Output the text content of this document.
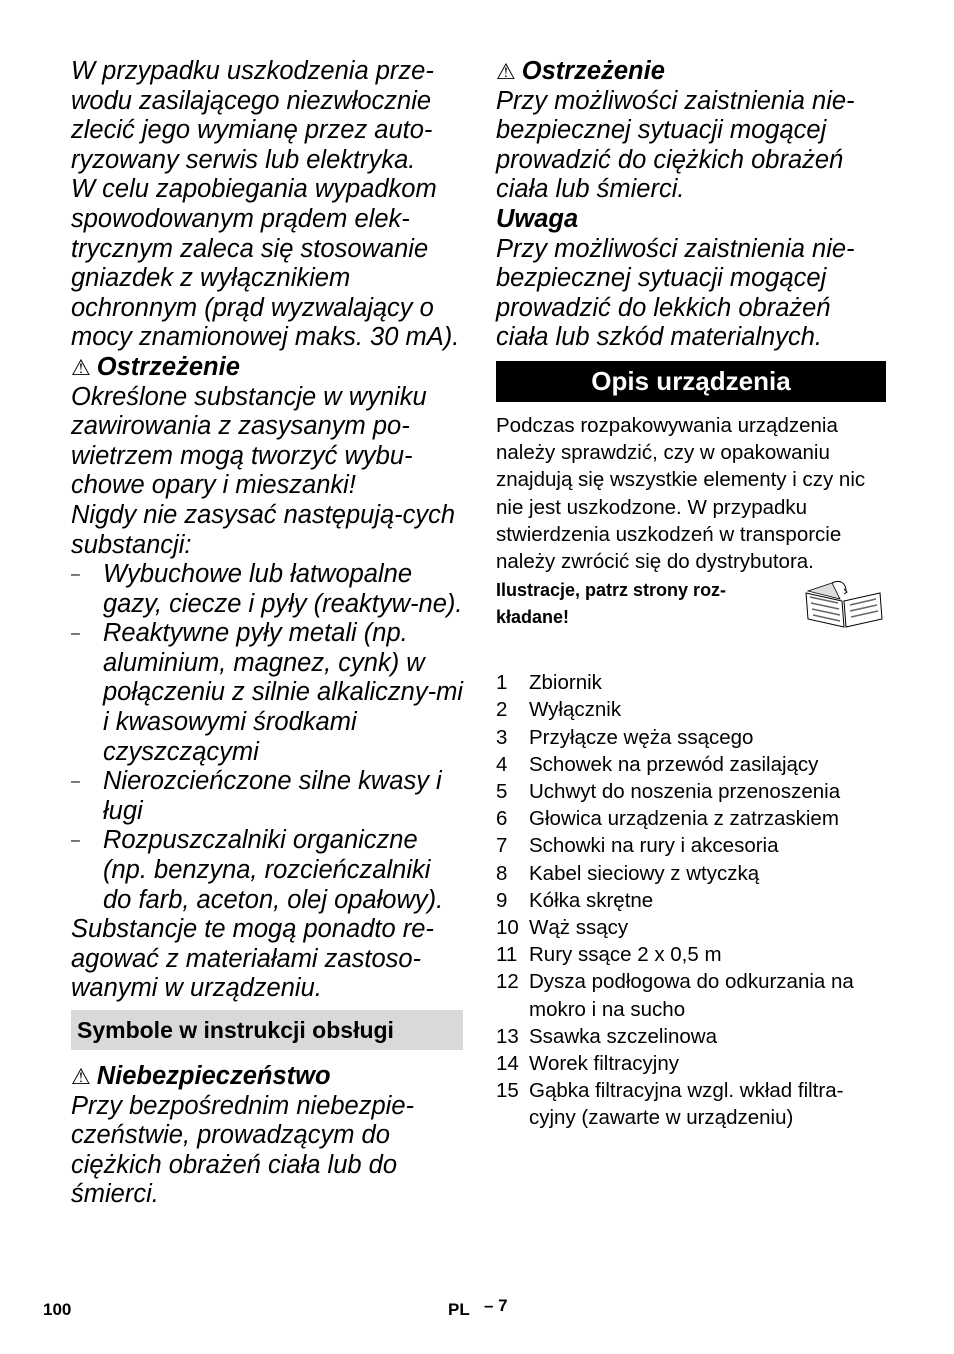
W przypadku uszkodzenia prze-wodu zasilającego niezwłocznie zlecić jego wymianę przez auto-ryzowany serwis lub elektryka.

W celu zapobiegania wypadkom spowodowanym prądem elek-trycznym zaleca się stosowanie gniazdek z wyłącznikiem ochronnym (prąd wyzwalający o mocy znamionowej maks. 30 mA).

⚠ Ostrzeżenie

Określone substancje w wyniku zawirowania z zasysanym po-wietrzem mogą tworzyć wybu-chowe opary i mieszanki!

Nigdy nie zasysać następują-cych substancji:

– Wybuchowe lub łatwopalne gazy, ciecze i pyły (reaktyw-ne).
– Reaktywne pyły metali (np. aluminium, magnez, cynk) w połączeniu z silnie alkaliczny-mi i kwasowymi środkami czyszczącymi
– Nierozcieńczone silne kwasy i ługi
– Rozpuszczalniki organiczne (np. benzyna, rozcieńczalniki do farb, aceton, olej opałowy).

Substancje te mogą ponadto re-agować z materiałami zastoso-wanymi w urządzeniu.

Symbole w instrukcji obsługi

⚠ Niebezpieczeństwo

Przy bezpośrednim niebezpie-czeństwie, prowadzącym do ciężkich obrażeń ciała lub do śmierci.

⚠ Ostrzeżenie

Przy możliwości zaistnienia nie-bezpiecznej sytuacji mogącej prowadzić do ciężkich obrażeń ciała lub śmierci.

Uwaga

Przy możliwości zaistnienia nie-bezpiecznej sytuacji mogącej prowadzić do lekkich obrażeń ciała lub szkód materialnych.

Opis urządzenia

Podczas rozpakowywania urządzenia należy sprawdzić, czy w opakowaniu znajdują się wszystkie elementy i czy nic nie jest uszkodzone. W przypadku stwierdzenia uszkodzeń w transporcie należy zwrócić się do dystrybutora.

Ilustracje, patrz strony roz-kładane!
1 Zbiornik
2 Wyłącznik
3 Przyłącze węża ssącego
4 Schowek na przewód zasilający
5 Uchwyt do noszenia przenoszenia
6 Głowica urządzenia z zatrzaskiem
7 Schowki na rury i akcesoria
8 Kabel sieciowy z wtyczką
9 Kółka skrętne
10 Wąż ssący
11 Rury ssące 2 x 0,5 m
12 Dysza podłogowa do odkurzania na mokro i na sucho
13 Ssawka szczelinowa
14 Worek filtracyjny
15 Gąbka filtracyjna wzgl. wkład filtra-cyjny (zawarte w urządzeniu)
100	PL – 7
